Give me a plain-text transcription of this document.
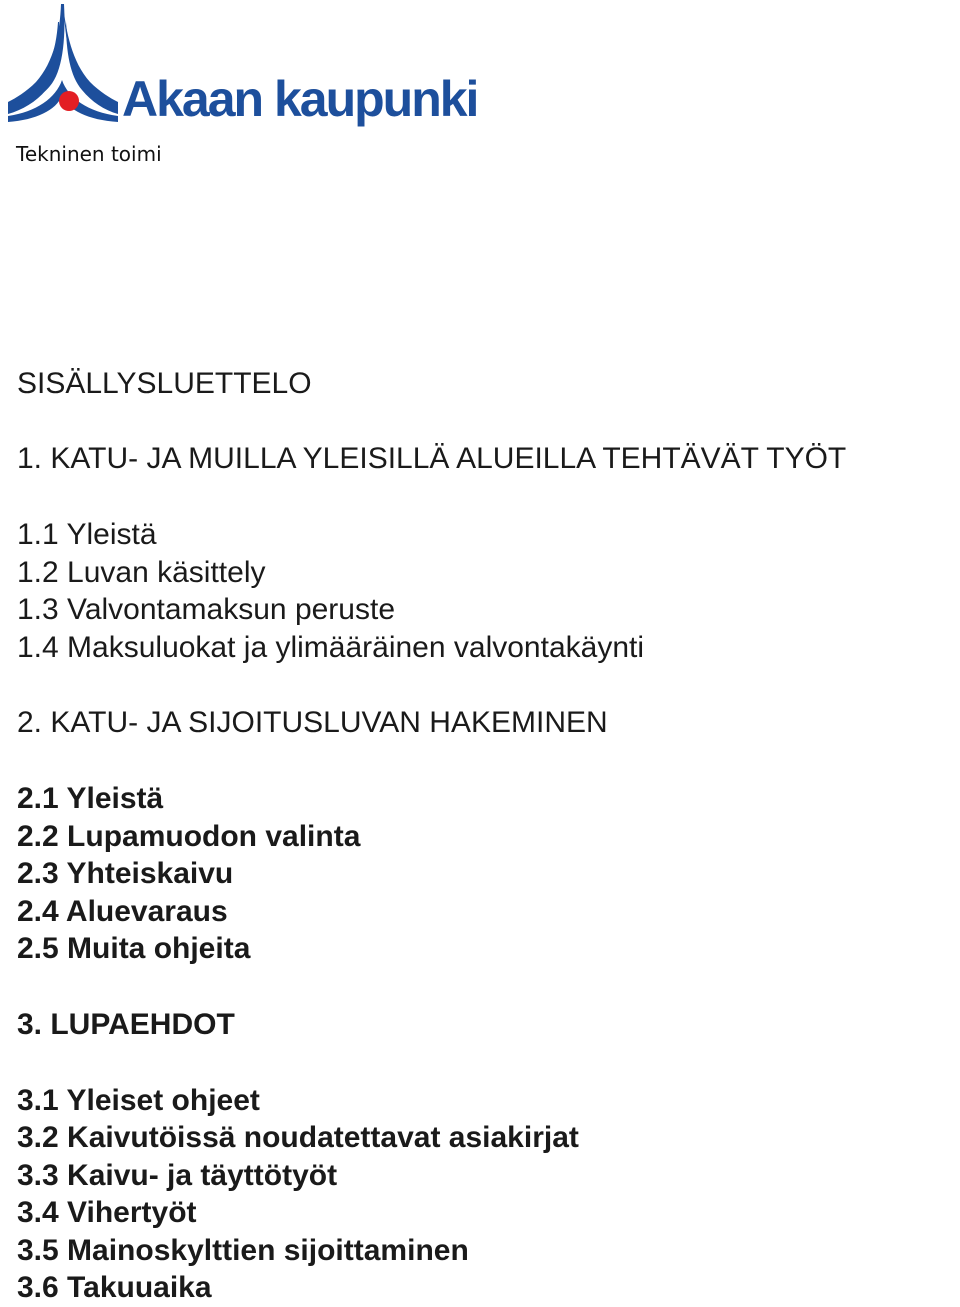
Akaan kaupunki
Tekninen toimi
SISÄLLYSLUETTELO
1. KATU- JA MUILLA YLEISILLÄ ALUEILLA TEHTÄVÄT TYÖT
1.1 Yleistä
1.2 Luvan käsittely
1.3 Valvontamaksun peruste
1.4 Maksuluokat ja ylimääräinen valvontakäynti
2. KATU- JA SIJOITUSLUVAN HAKEMINEN
2.1 Yleistä
2.2 Lupamuodon valinta
2.3 Yhteiskaivu
2.4 Aluevaraus
2.5 Muita ohjeita
3. LUPAEHDOT
3.1 Yleiset ohjeet
3.2 Kaivutöissä noudatettavat asiakirjat
3.3 Kaivu- ja täyttötyöt
3.4 Vihertyöt
3.5 Mainoskylttien sijoittaminen
3.6 Takuuaika
